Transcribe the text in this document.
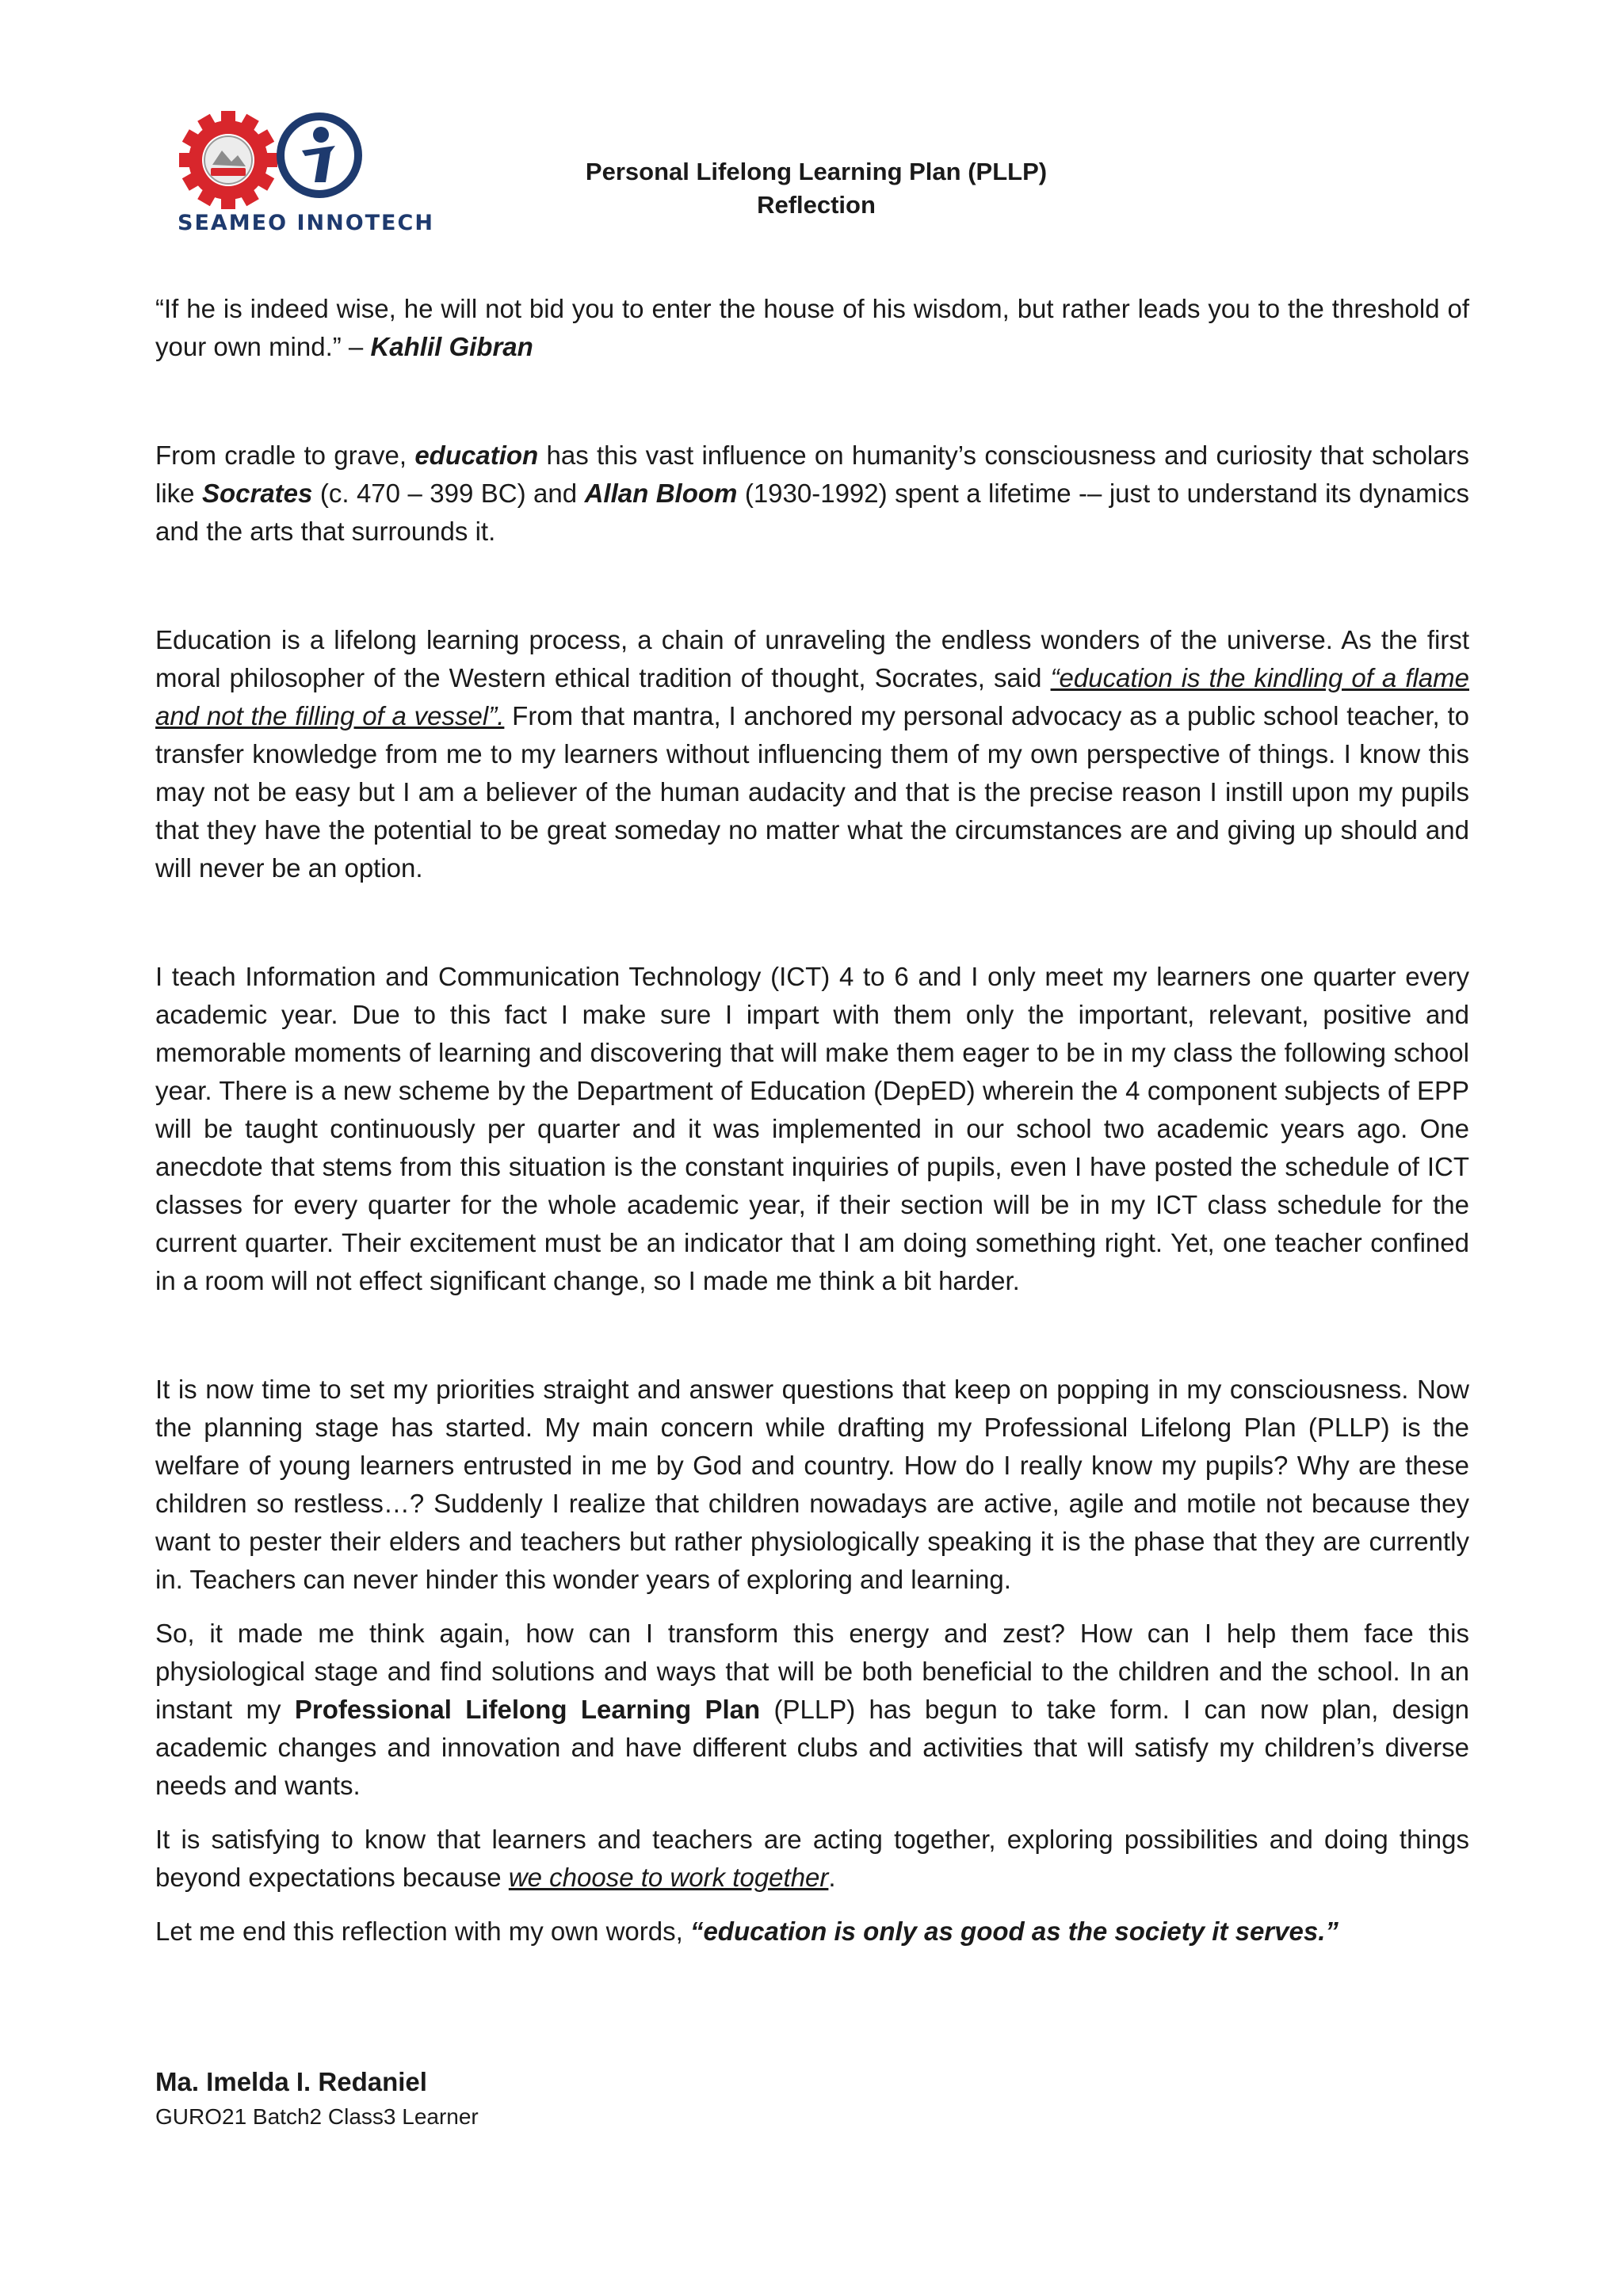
SEAMEO INNOTECH
Personal Lifelong Learning Plan (PLLP)
Reflection

“If he is indeed wise, he will not bid you to enter the house of his wisdom, but rather leads you to the threshold of your own mind.” – Kahlil Gibran

From cradle to grave, education has this vast influence on humanity’s consciousness and curiosity that scholars like Socrates (c. 470 – 399 BC) and Allan Bloom (1930-1992) spent a lifetime -– just to understand its dynamics and the arts that surrounds it.

Education is a lifelong learning process, a chain of unraveling the endless wonders of the universe. As the first moral philosopher of the Western ethical tradition of thought, Socrates, said “education is the kindling of a flame and not the filling of a vessel”. From that mantra, I anchored my personal advocacy as a public school teacher, to transfer knowledge from me to my learners without influencing them of my own perspective of things. I know this may not be easy but I am a believer of the human audacity and that is the precise reason I instill upon my pupils that they have the potential to be great someday no matter what the circumstances are and giving up should and will never be an option.

I teach Information and Communication Technology (ICT) 4 to 6 and I only meet my learners one quarter every academic year. Due to this fact I make sure I impart with them only the important, relevant, positive and memorable moments of learning and discovering that will make them eager to be in my class the following school year. There is a new scheme by the Department of Education (DepED) wherein the 4 component subjects of EPP will be taught continuously per quarter and it was implemented in our school two academic years ago. One anecdote that stems from this situation is the constant inquiries of pupils, even I have posted the schedule of ICT classes for every quarter for the whole academic year, if their section will be in my ICT class schedule for the current quarter. Their excitement must be an indicator that I am doing something right. Yet, one teacher confined in a room will not effect significant change, so I made me think a bit harder.

It is now time to set my priorities straight and answer questions that keep on popping in my consciousness. Now the planning stage has started. My main concern while drafting my Professional Lifelong Plan (PLLP) is the welfare of young learners entrusted in me by God and country. How do I really know my pupils? Why are these children so restless…? Suddenly I realize that children nowadays are active, agile and motile not because they want to pester their elders and teachers but rather physiologically speaking it is the phase that they are currently in. Teachers can never hinder this wonder years of exploring and learning.

So, it made me think again, how can I transform this energy and zest? How can I help them face this physiological stage and find solutions and ways that will be both beneficial to the children and the school. In an instant my Professional Lifelong Learning Plan (PLLP) has begun to take form. I can now plan, design academic changes and innovation and have different clubs and activities that will satisfy my children’s diverse needs and wants.

It is satisfying to know that learners and teachers are acting together, exploring possibilities and doing things beyond expectations because we choose to work together.

Let me end this reflection with my own words, “education is only as good as the society it serves.”

Ma. Imelda I. Redaniel
GURO21 Batch2 Class3 Learner
